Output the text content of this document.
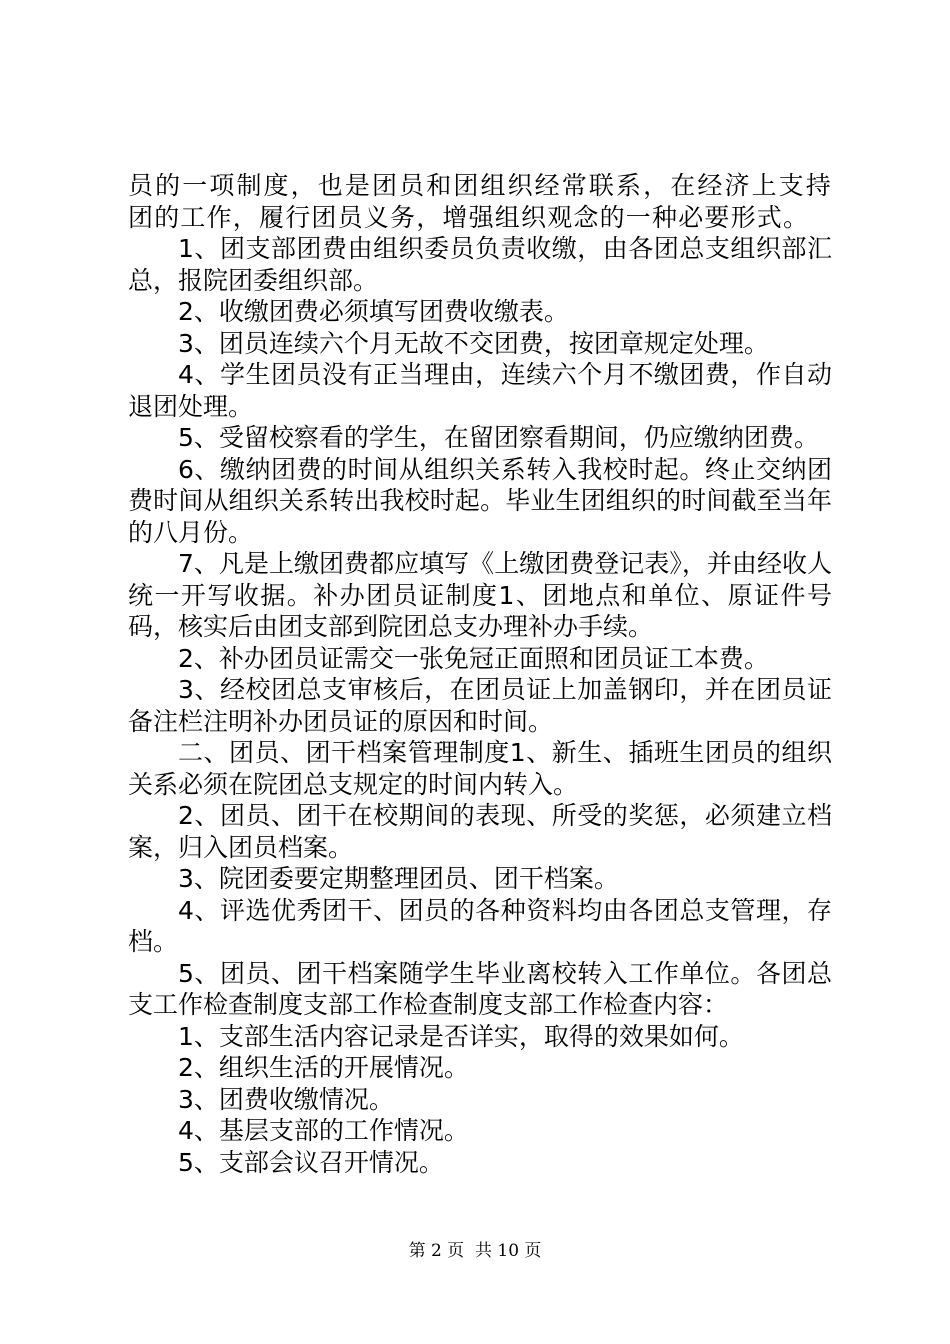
员的一项制度，也是团员和团组织经常联系，在经济上支持团的工作，履行团员义务，增强组织观念的一种必要形式。

1、团支部团费由组织委员负责收缴，由各团总支组织部汇总，报院团委组织部。

2、收缴团费必须填写团费收缴表。

3、团员连续六个月无故不交团费，按团章规定处理。

4、学生团员没有正当理由，连续六个月不缴团费，作自动退团处理。

5、受留校察看的学生，在留团察看期间，仍应缴纳团费。

6、缴纳团费的时间从组织关系转入我校时起。终止交纳团费时间从组织关系转出我校时起。毕业生团组织的时间截至当年的八月份。

7、凡是上缴团费都应填写《上缴团费登记表》，并由经收人统一开写收据。补办团员证制度1、团地点和单位、原证件号码，核实后由团支部到院团总支办理补办手续。

2、补办团员证需交一张免冠正面照和团员证工本费。

3、经校团总支审核后，在团员证上加盖钢印，并在团员证备注栏注明补办团员证的原因和时间。

二、团员、团干档案管理制度1、新生、插班生团员的组织关系必须在院团总支规定的时间内转入。

2、团员、团干在校期间的表现、所受的奖惩，必须建立档案，归入团员档案。

3、院团委要定期整理团员、团干档案。

4、评选优秀团干、团员的各种资料均由各团总支管理，存档。

5、团员、团干档案随学生毕业离校转入工作单位。各团总支工作检查制度支部工作检查制度支部工作检查内容：

1、支部生活内容记录是否详实，取得的效果如何。

2、组织生活的开展情况。

3、团费收缴情况。

4、基层支部的工作情况。

5、支部会议召开情况。

第 2 页  共 10 页
